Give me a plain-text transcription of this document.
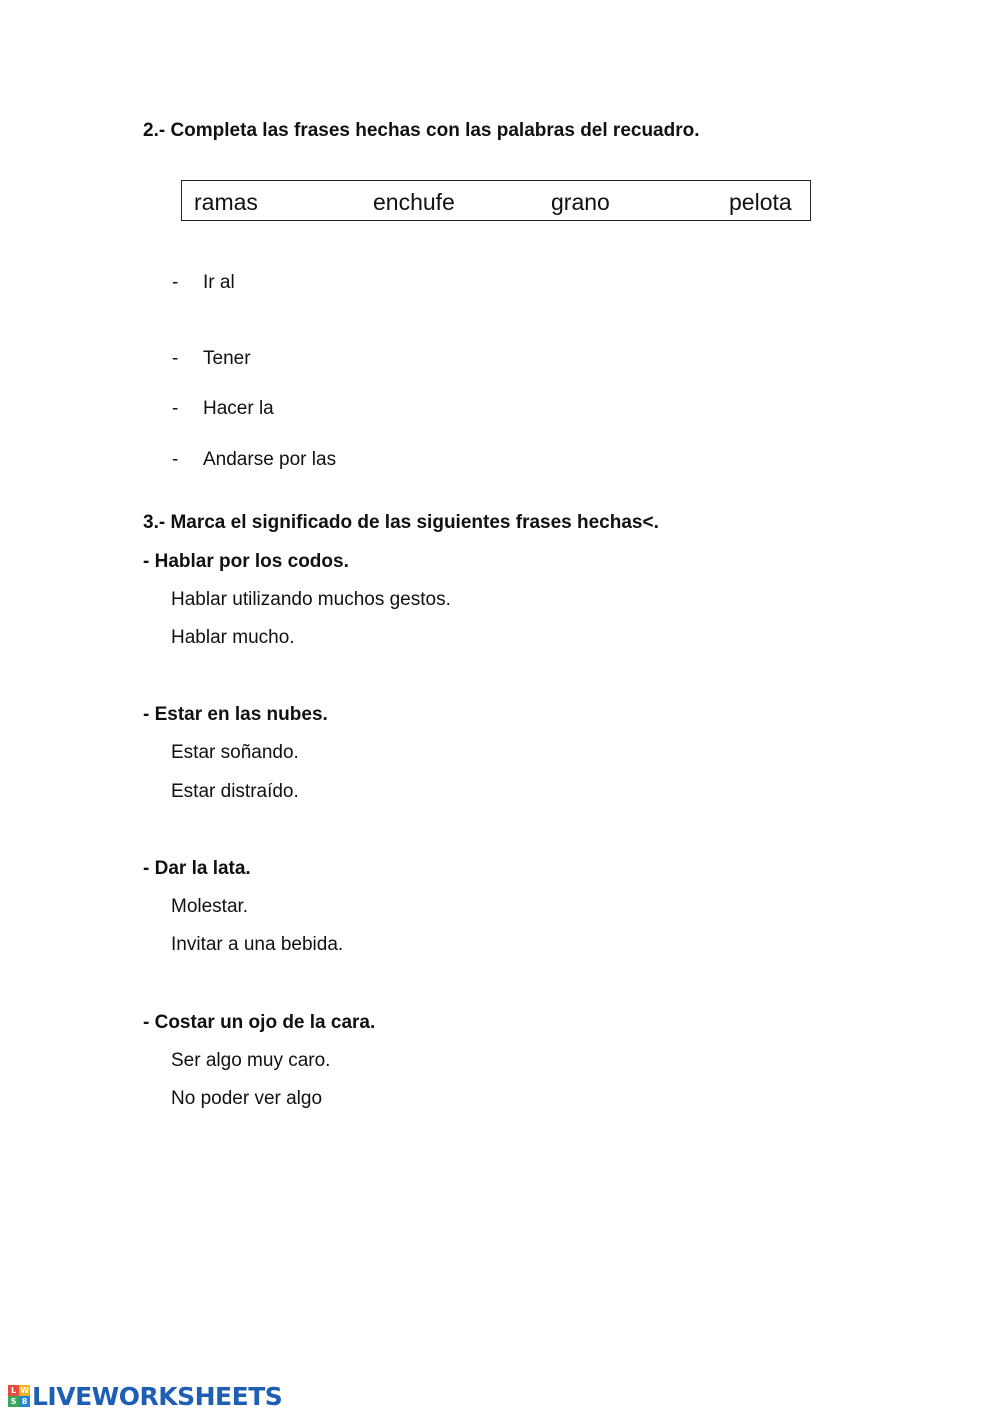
2.- Completa las frases hechas con las palabras del recuadro.
ramas	enchufe	grano	pelota
- Ir al
- Tener
- Hacer la
- Andarse por las
3.- Marca el significado de las siguientes frases hechas<.
- Hablar por los codos.
Hablar utilizando muchos gestos.
Hablar mucho.
- Estar en las nubes.
Estar soñando.
Estar distraído.
- Dar la lata.
Molestar.
Invitar a una bebida.
- Costar un ojo de la cara.
Ser algo muy caro.
No poder ver algo
L W
S 8 LIVEWORKSHEETS
